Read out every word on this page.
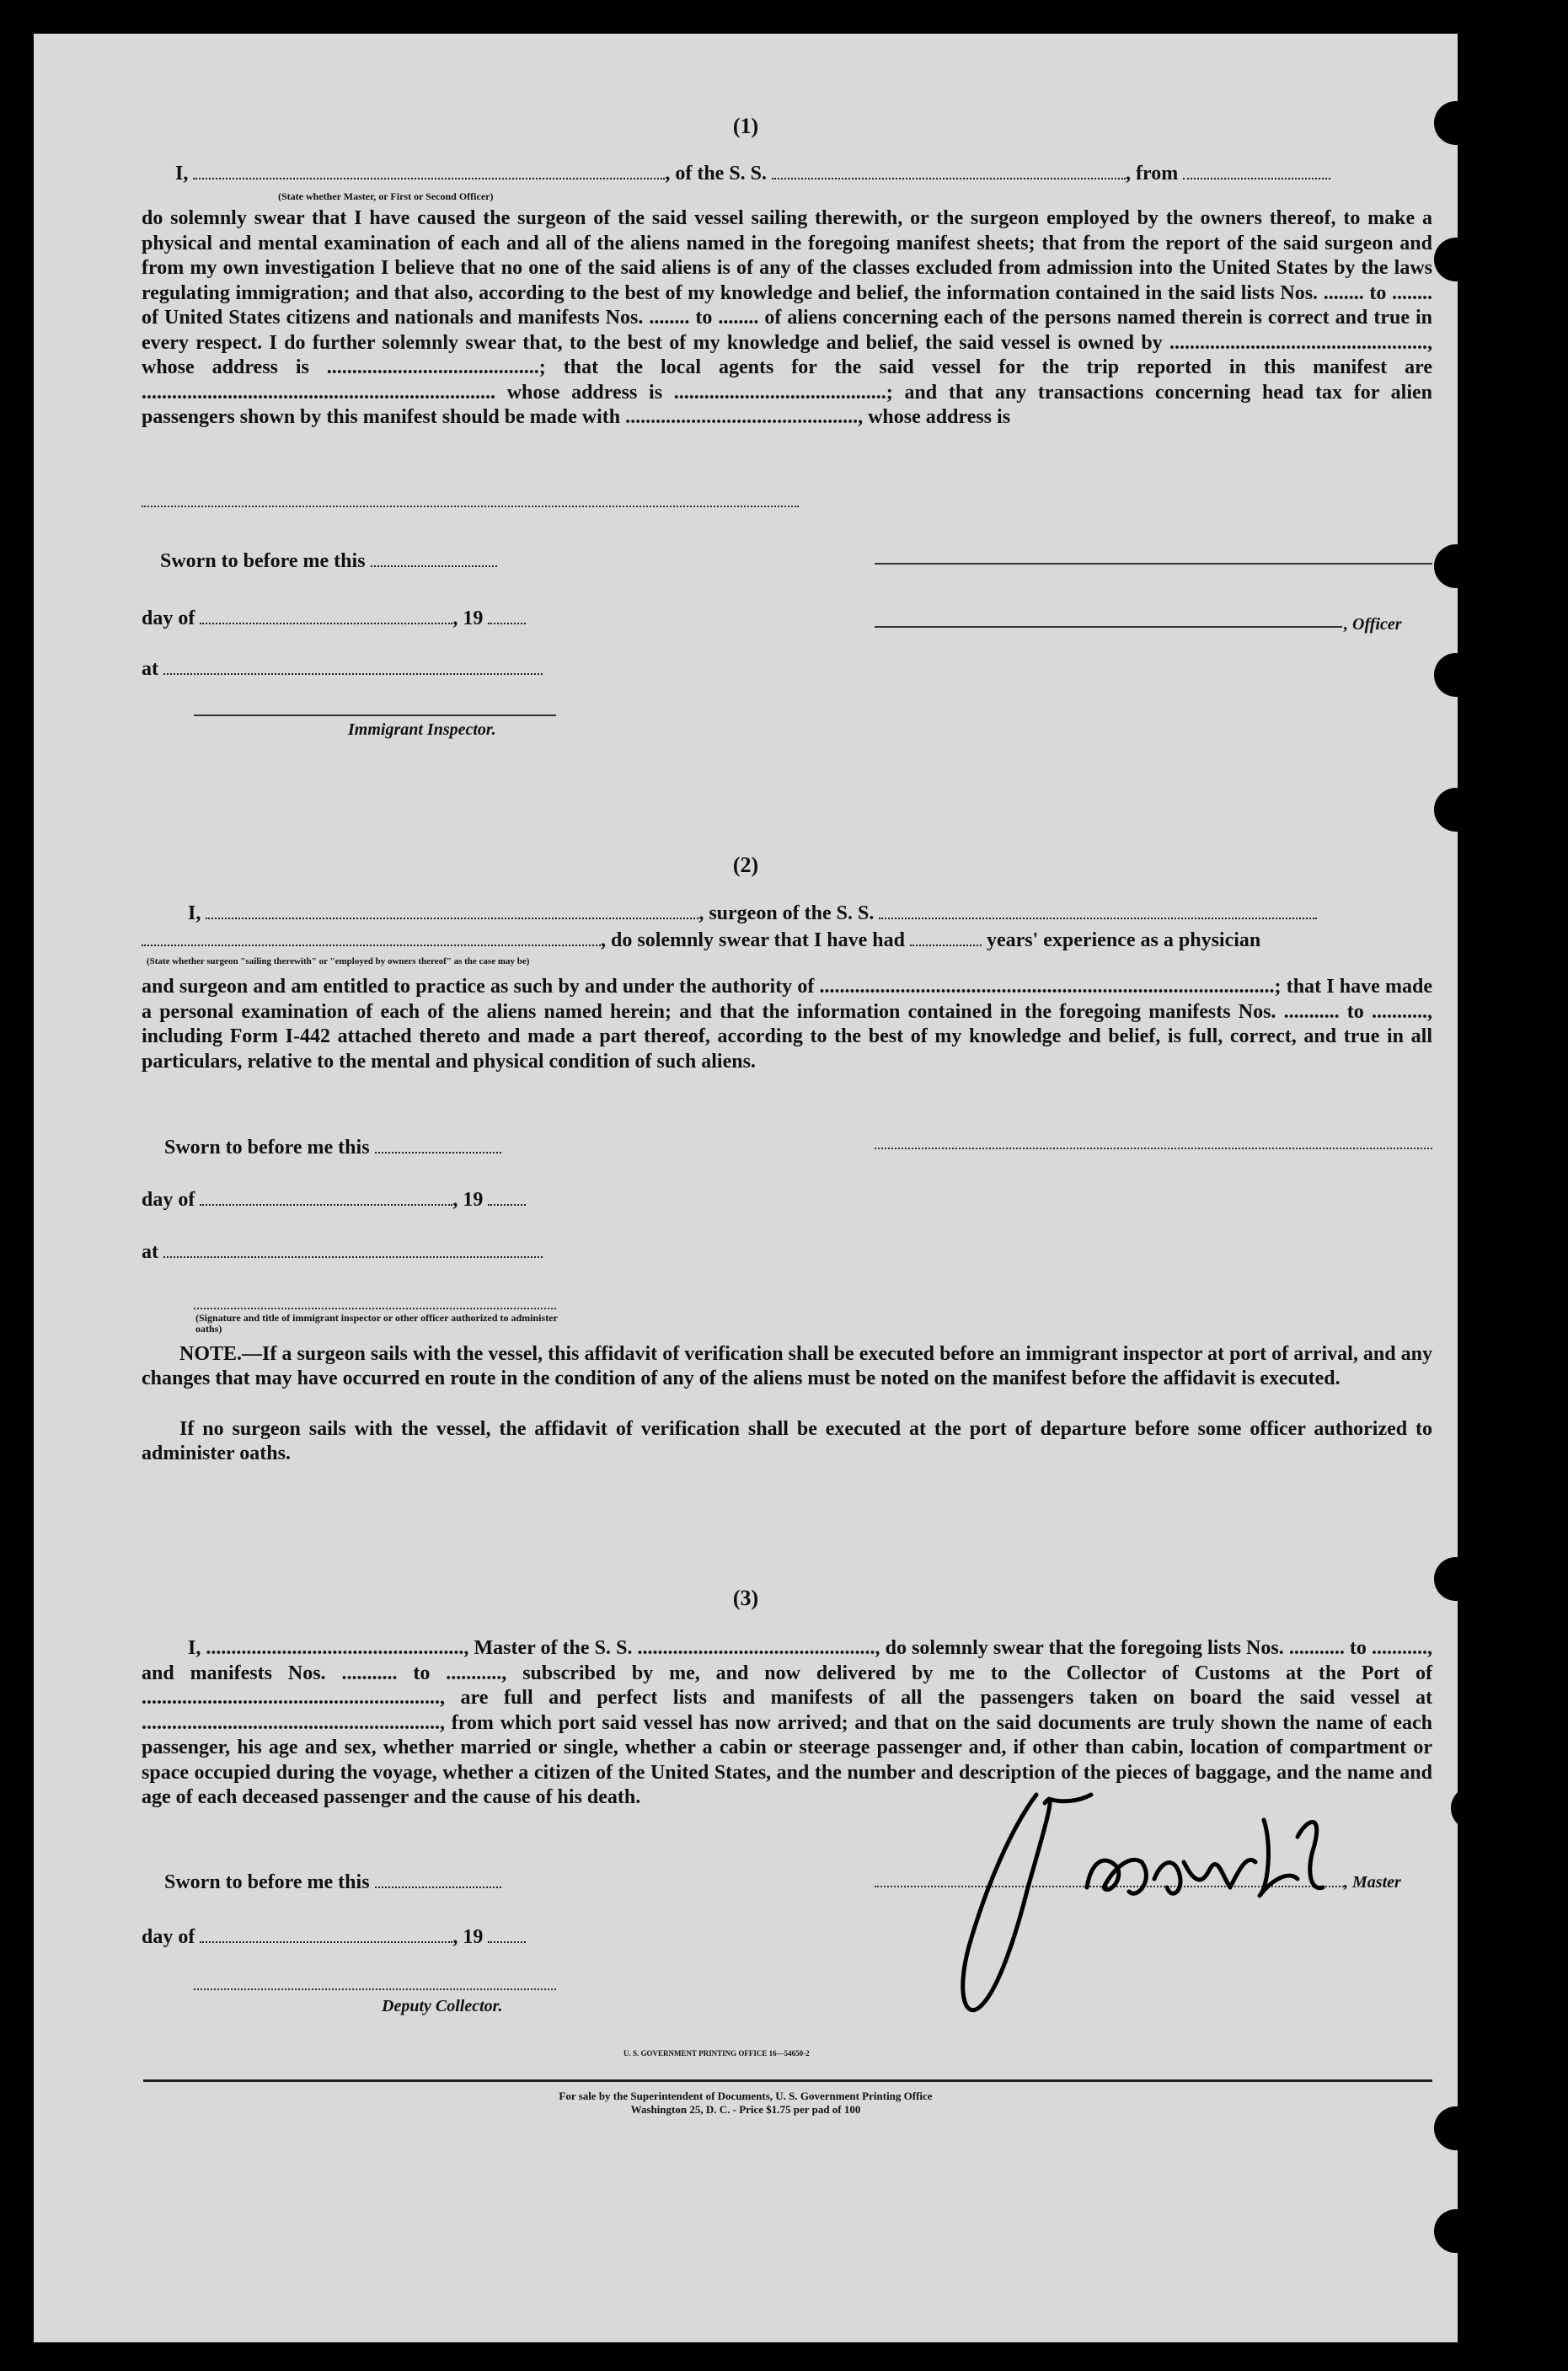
(1)
I,	, of the S. S.	, from
(State whether Master, or First or Second Officer)
do solemnly swear that I have caused the surgeon of the said vessel sailing therewith, or the surgeon employed by the owners thereof, to make a physical and mental examination of each and all of the aliens named in the foregoing manifest sheets; that from the report of the said surgeon and from my own investigation I believe that no one of the said aliens is of any of the classes excluded from admission into the United States by the laws regulating immigration; and that also, according to the best of my knowledge and belief, the information contained in the said lists Nos. ........ to ........ of United States citizens and nationals and manifests Nos. ........ to ........ of aliens concerning each of the persons named therein is correct and true in every respect. I do further solemnly swear that, to the best of my knowledge and belief, the said vessel is owned by ..................................................., whose address is ..........................................; that the local agents for the said vessel for the trip reported in this manifest are ...................................................................... whose address is ..........................................; and that any transactions concerning head tax for alien passengers shown by this manifest should be made with .............................................., whose address is
Sworn to before me this
day of	, 19	, Officer
at
Immigrant Inspector.
(2)
I,	, surgeon of the S. S.
, do solemnly swear that I have had	years' experience as a physician
(State whether surgeon "sailing therewith" or "employed by owners thereof" as the case may be)
and surgeon and am entitled to practice as such by and under the authority of ..........................................................................................; that I have made a personal examination of each of the aliens named herein; and that the information contained in the foregoing manifests Nos. ........... to ..........., including Form I-442 attached thereto and made a part thereof, according to the best of my knowledge and belief, is full, correct, and true in all particulars, relative to the mental and physical condition of such aliens.
Sworn to before me this
day of	, 19
at
(Signature and title of immigrant inspector or other officer authorized to administer oaths)
NOTE.—If a surgeon sails with the vessel, this affidavit of verification shall be executed before an immigrant inspector at port of arrival, and any changes that may have occurred en route in the condition of any of the aliens must be noted on the manifest before the affidavit is executed.
If no surgeon sails with the vessel, the affidavit of verification shall be executed at the port of departure before some officer authorized to administer oaths.
(3)
I, ..................................................., Master of the S. S. ..............................................., do solemnly swear that the foregoing lists Nos. ........... to ..........., and manifests Nos. ........... to ..........., subscribed by me, and now delivered by me to the Collector of Customs at the Port of ..........................................................., are full and perfect lists and manifests of all the passengers taken on board the said vessel at ..........................................................., from which port said vessel has now arrived; and that on the said documents are truly shown the name of each passenger, his age and sex, whether married or single, whether a cabin or steerage passenger and, if other than cabin, location of compartment or space occupied during the voyage, whether a citizen of the United States, and the number and description of the pieces of baggage, and the name and age of each deceased passenger and the cause of his death.
Sworn to before me this	, Master
day of	, 19
Deputy Collector.
U. S. GOVERNMENT PRINTING OFFICE 16—54650-2
For sale by the Superintendent of Documents, U. S. Government Printing Office
Washington 25, D. C. - Price $1.75 per pad of 100
